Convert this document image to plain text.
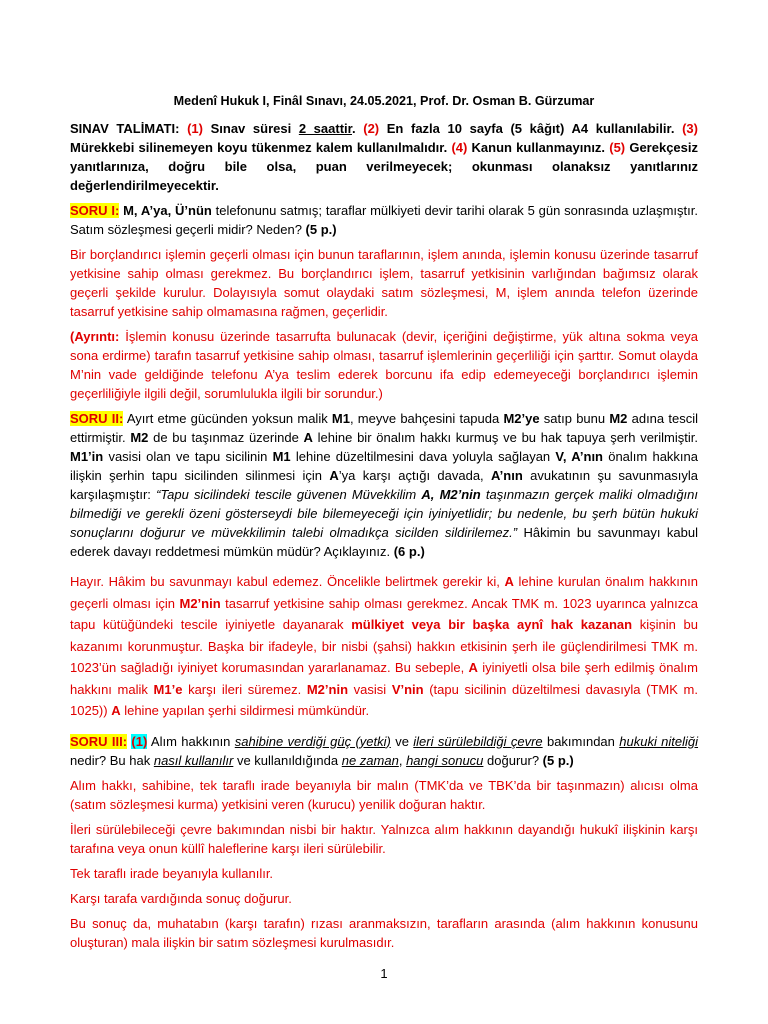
Medenî Hukuk I, Finâl Sınavı, 24.05.2021, Prof. Dr. Osman B. Gürzumar

SINAV TALİMATI: (1) Sınav süresi 2 saattir. (2) En fazla 10 sayfa (5 kâğıt) A4 kullanılabilir. (3) Mürekkebi silinemeyen koyu tükenmez kalem kullanılmalıdır. (4) Kanun kullanmayınız. (5) Gerekçesiz yanıtlarınıza, doğru bile olsa, puan verilmeyecek; okunması olanaksız yanıtlarınız değerlendirilmeyecektir.

SORU I: M, A’ya, Ü’nün telefonunu satmış; taraflar mülkiyeti devir tarihi olarak 5 gün sonrasında uzlaşmıştır. Satım sözleşmesi geçerli midir? Neden? (5 p.)

Bir borçlandırıcı işlemin geçerli olması için bunun taraflarının, işlem anında, işlemin konusu üzerinde tasarruf yetkisine sahip olması gerekmez. Bu borçlandırıcı işlem, tasarruf yetkisinin varlığından bağımsız olarak geçerli şekilde kurulur. Dolayısıyla somut olaydaki satım sözleşmesi, M, işlem anında telefon üzerinde tasarruf yetkisine sahip olmamasına rağmen, geçerlidir.

(Ayrıntı: İşlemin konusu üzerinde tasarrufta bulunacak (devir, içeriğini değiştirme, yük altına sokma veya sona erdirme) tarafın tasarruf yetkisine sahip olması, tasarruf işlemlerinin geçerliliği için şarttır. Somut olayda M’nin vade geldiğinde telefonu A’ya teslim ederek borcunu ifa edip edemeyeceği borçlandırıcı işlemin geçerliliğiyle ilgili değil, sorumlulukla ilgili bir sorundur.)

SORU II: Ayırt etme gücünden yoksun malik M1, meyve bahçesini tapuda M2’ye satıp bunu M2 adına tescil ettirmiştir. M2 de bu taşınmaz üzerinde A lehine bir önalım hakkı kurmuş ve bu hak tapuya şerh verilmiştir. M1’in vasisi olan ve tapu sicilinin M1 lehine düzeltilmesini dava yoluyla sağlayan V, A’nın önalım hakkına ilişkin şerhin tapu sicilinden silinmesi için A’ya karşı açtığı davada, A’nın avukatının şu savunmasıyla karşılaşmıştır: “Tapu sicilindeki tescile güvenen Müvekkilim A, M2’nin taşınmazın gerçek maliki olmadığını bilmediği ve gerekli özeni gösterseydi bile bilemeyeceği için iyiniyetlidir; bu nedenle, bu şerh bütün hukuki sonuçlarını doğurur ve müvekkilimin talebi olmadıkça sicilden sildirilemez.” Hâkimin bu savunmayı kabul ederek davayı reddetmesi mümkün müdür? Açıklayınız. (6 p.)

Hayır. Hâkim bu savunmayı kabul edemez. Öncelikle belirtmek gerekir ki, A lehine kurulan önalım hakkının geçerli olması için M2’nin tasarruf yetkisine sahip olması gerekmez. Ancak TMK m. 1023 uyarınca yalnızca tapu kütüğündeki tescile iyiniyetle dayanarak mülkiyet veya bir başka aynî hak kazanan kişinin bu kazanımı korunmuştur. Başka bir ifadeyle, bir nisbi (şahsi) hakkın etkisinin şerh ile güçlendirilmesi TMK m. 1023’ün sağladığı iyiniyet korumasından yararlanamaz. Bu sebeple, A iyiniyetli olsa bile şerh edilmiş önalım hakkını malik M1’e karşı ileri süremez. M2’nin vasisi V’nin (tapu sicilinin düzeltilmesi davasıyla (TMK m. 1025)) A lehine yapılan şerhi sildirmesi mümkündür.

SORU III: (1) Alım hakkının sahibine verdiği güç (yetki) ve ileri sürülebildiği çevre bakımından hukuki niteliği nedir? Bu hak nasıl kullanılır ve kullanıldığında ne zaman, hangi sonucu doğurur? (5 p.)

Alım hakkı, sahibine, tek taraflı irade beyanıyla bir malın (TMK’da ve TBK’da bir taşınmazın) alıcısı olma (satım sözleşmesi kurma) yetkisini veren (kurucu) yenilik doğuran haktır.

İleri sürülebileceği çevre bakımından nisbi bir haktır. Yalnızca alım hakkının dayandığı hukukî ilişkinin karşı tarafına veya onun küllî haleflerine karşı ileri sürülebilir.

Tek taraflı irade beyanıyla kullanılır.

Karşı tarafa vardığında sonuç doğurur.

Bu sonuç da, muhatabın (karşı tarafın) rızası aranmaksızın, tarafların arasında (alım hakkının konusunu oluşturan) mala ilişkin bir satım sözleşmesi kurulmasıdır.

1
